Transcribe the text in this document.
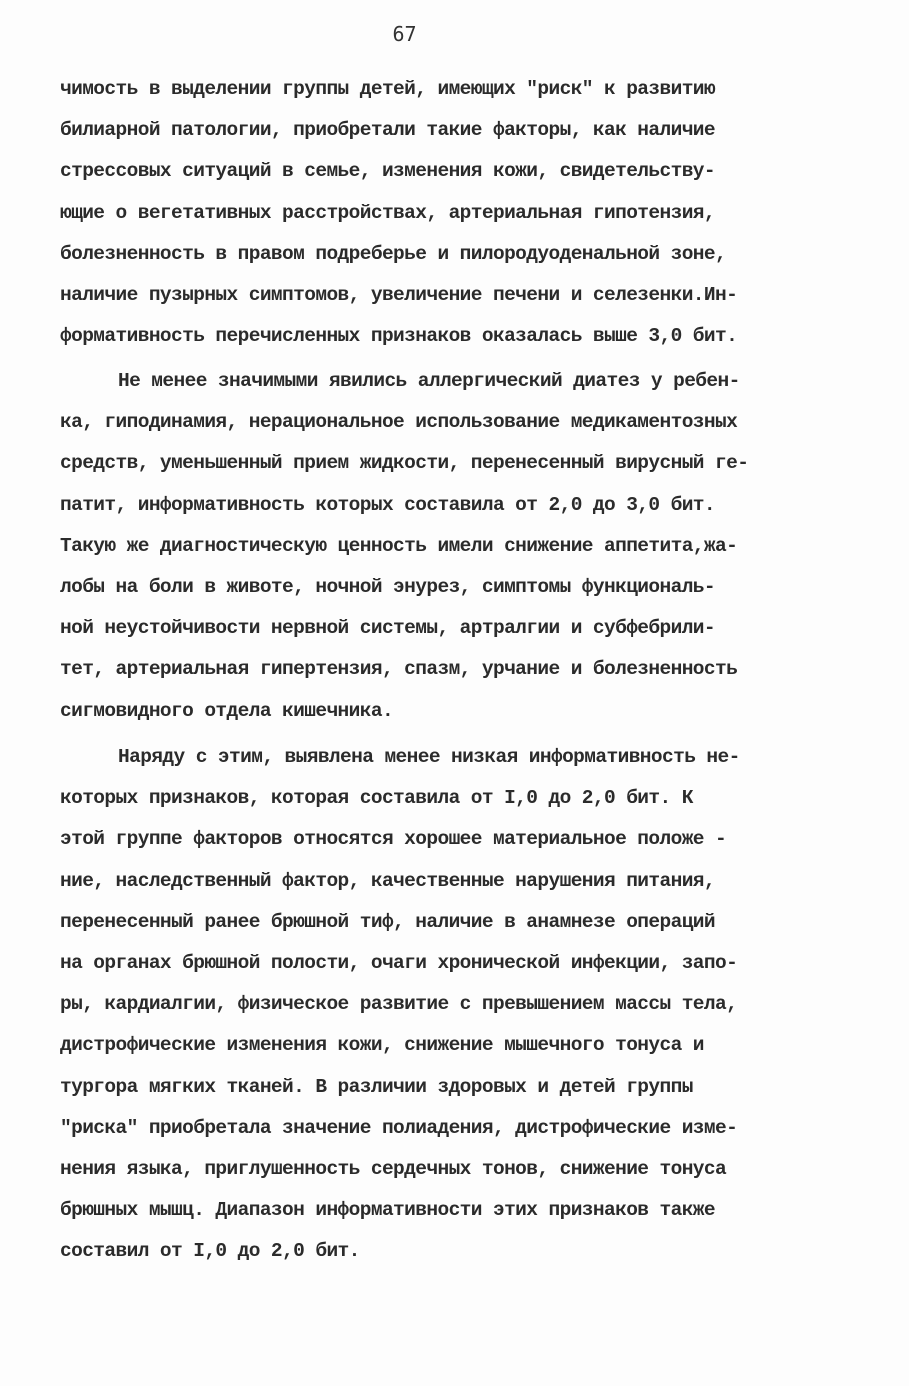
67
чимость в выделении группы детей, имеющих "риск" к развитию
билиарной патологии, приобретали такие факторы, как наличие
стрессовых ситуаций в семье, изменения кожи, свидетельству-
ющие о вегетативных расстройствах, артериальная гипотензия,
болезненность в правом подреберье и пилородуоденальной зоне,
наличие пузырных симптомов, увеличение печени и селезенки.Ин-
формативность перечисленных признаков оказалась выше 3,0 бит.
Не менее значимыми явились аллергический диатез у ребен-
ка, гиподинамия, нерациональное использование медикаментозных
средств, уменьшенный прием жидкости, перенесенный вирусный ге-
патит, информативность которых составила от 2,0 до 3,0 бит.
Такую же диагностическую ценность имели снижение аппетита,жа-
лобы на боли в животе, ночной энурез, симптомы функциональ-
ной неустойчивости нервной системы, артралгии и субфебрили-
тет, артериальная гипертензия, спазм, урчание и болезненность
сигмовидного отдела кишечника.
Наряду с этим, выявлена менее низкая информативность не-
которых признаков, которая составила от I,0 до 2,0 бит. К
этой группе факторов относятся хорошее материальное положе -
ние, наследственный фактор, качественные нарушения питания,
перенесенный ранее брюшной тиф, наличие в анамнезе операций
на органах брюшной полости, очаги хронической инфекции, запо-
ры, кардиалгии, физическое развитие с превышением массы тела,
дистрофические изменения кожи, снижение мышечного тонуса и
тургора мягких тканей. В различии здоровых и детей группы
"риска" приобретала значение полиадения, дистрофические изме-
нения языка, приглушенность сердечных тонов, снижение тонуса
брюшных мышц. Диапазон информативности этих признаков также
составил от I,0 до 2,0 бит.
